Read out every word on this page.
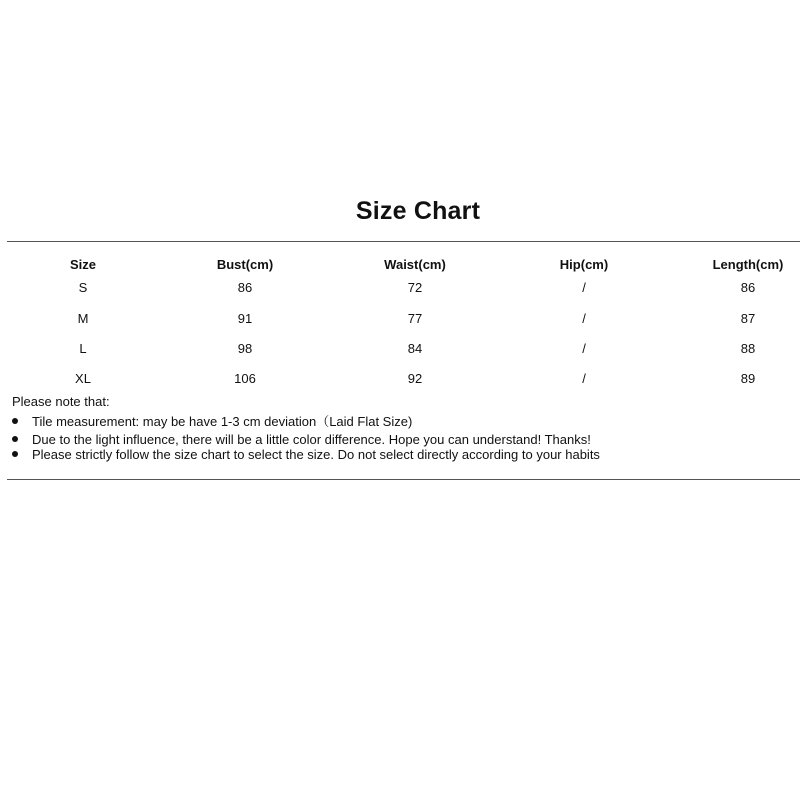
Size Chart
Size	Bust(cm)	Waist(cm)	Hip(cm)	Length(cm)
S	86	72	/	86
M	91	77	/	87
L	98	84	/	88
XL	106	92	/	89
Please note that:
Tile measurement: may be have 1-3 cm deviation（Laid Flat Size)
Due to the light influence, there will be a little color difference. Hope you can understand! Thanks!
Please strictly follow the size chart to select the size. Do not select directly according to your habits
